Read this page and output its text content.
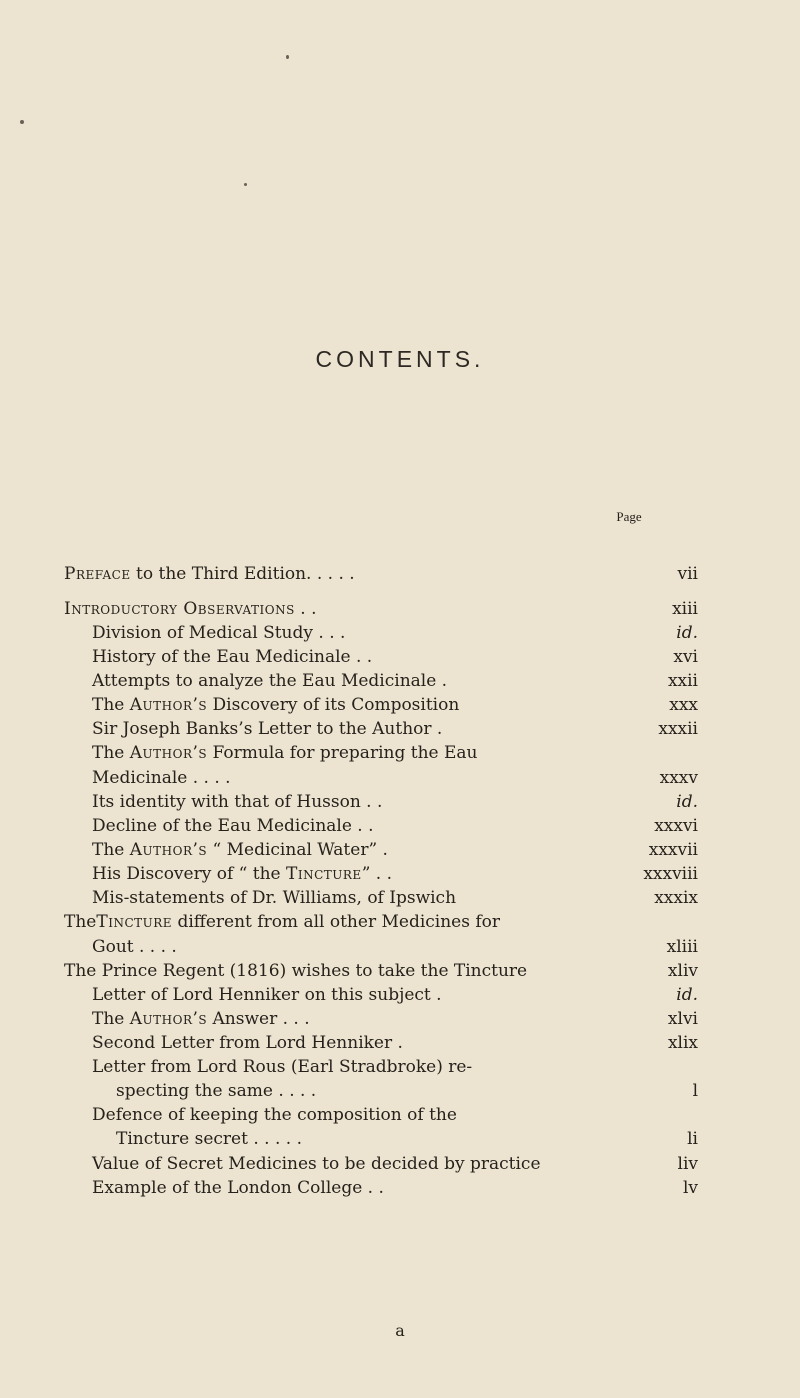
CONTENTS.
Page
Preface to the Third Edition. . . . .	vii
Introductory Observations . .	xiii
Division of Medical Study . . .	id.
History of the Eau Medicinale . .	xvi
Attempts to analyze the Eau Medicinale .	xxii
The Author’s Discovery of its Composition	xxx
Sir Joseph Banks’s Letter to the Author .	xxxii
The Author’s Formula for preparing the Eau
Medicinale . . . .	xxxv
Its identity with that of Husson . .	id.
Decline of the Eau Medicinale . .	xxxvi
The Author’s “ Medicinal Water” .	xxxvii
His Discovery of “ the Tincture” . .	xxxviii
Mis-statements of Dr. Williams, of Ipswich	xxxix
TheTincture different from all other Medicines for
Gout . . . .	xliii
The Prince Regent (1816) wishes to take the Tincture	xliv
Letter of Lord Henniker on this subject .	id.
The Author’s Answer . . .	xlvi
Second Letter from Lord Henniker .	xlix
Letter from Lord Rous (Earl Stradbroke) re-
specting the same . . . .	l
Defence of keeping the composition of the
Tincture secret . . . . .	li
Value of Secret Medicines to be decided by practice	liv
Example of the London College . .	lv
a
